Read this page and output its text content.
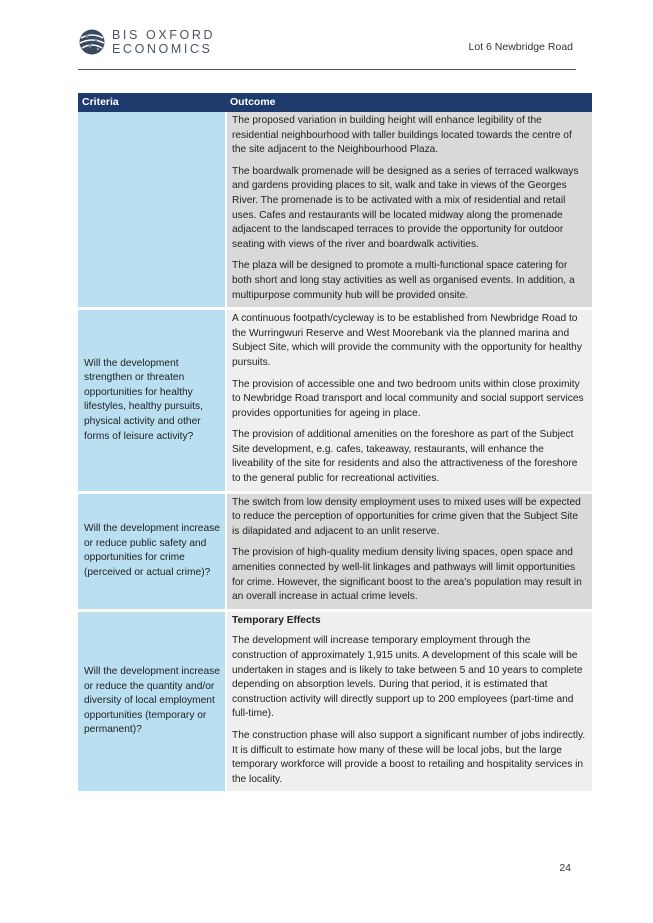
BIS OXFORD
ECONOMICS	Lot 6 Newbridge Road
Criteria	Outcome

	The proposed variation in building height will enhance legibility of the residential neighbourhood with taller buildings located towards the centre of the site adjacent to the Neighbourhood Plaza.

The boardwalk promenade will be designed as a series of terraced walkways and gardens providing places to sit, walk and take in views of the Georges River. The promenade is to be activated with a mix of residential and retail uses. Cafes and restaurants will be located midway along the promenade adjacent to the landscaped terraces to provide the opportunity for outdoor seating with views of the river and boardwalk activities.

The plaza will be designed to promote a multi-functional space catering for both short and long stay activities as well as organised events. In addition, a multipurpose community hub will be provided onsite.

Will the development strengthen or threaten opportunities for healthy lifestyles, healthy pursuits, physical activity and other forms of leisure activity?	A continuous footpath/cycleway is to be established from Newbridge Road to the Wurringwuri Reserve and West Moorebank via the planned marina and Subject Site, which will provide the community with the opportunity for healthy pursuits.

The provision of accessible one and two bedroom units within close proximity to Newbridge Road transport and local community and social support services provides opportunities for ageing in place.

The provision of additional amenities on the foreshore as part of the Subject Site development, e.g. cafes, takeaway, restaurants, will enhance the liveability of the site for residents and also the attractiveness of the foreshore to the general public for recreational activities.

Will the development increase or reduce public safety and opportunities for crime (perceived or actual crime)?	The switch from low density employment uses to mixed uses will be expected to reduce the perception of opportunities for crime given that the Subject Site is dilapidated and adjacent to an unlit reserve.

The provision of high-quality medium density living spaces, open space and amenities connected by well-lit linkages and pathways will limit opportunities for crime. However, the significant boost to the area’s population may result in an overall increase in actual crime levels.

Will the development increase or reduce the quantity and/or diversity of local employment opportunities (temporary or permanent)?	Temporary Effects

The development will increase temporary employment through the construction of approximately 1,915 units. A development of this scale will be undertaken in stages and is likely to take between 5 and 10 years to complete depending on absorption levels. During that period, it is estimated that construction activity will directly support up to 200 employees (part-time and full-time).

The construction phase will also support a significant number of jobs indirectly. It is difficult to estimate how many of these will be local jobs, but the large temporary workforce will provide a boost to retailing and hospitality services in the locality.

24
